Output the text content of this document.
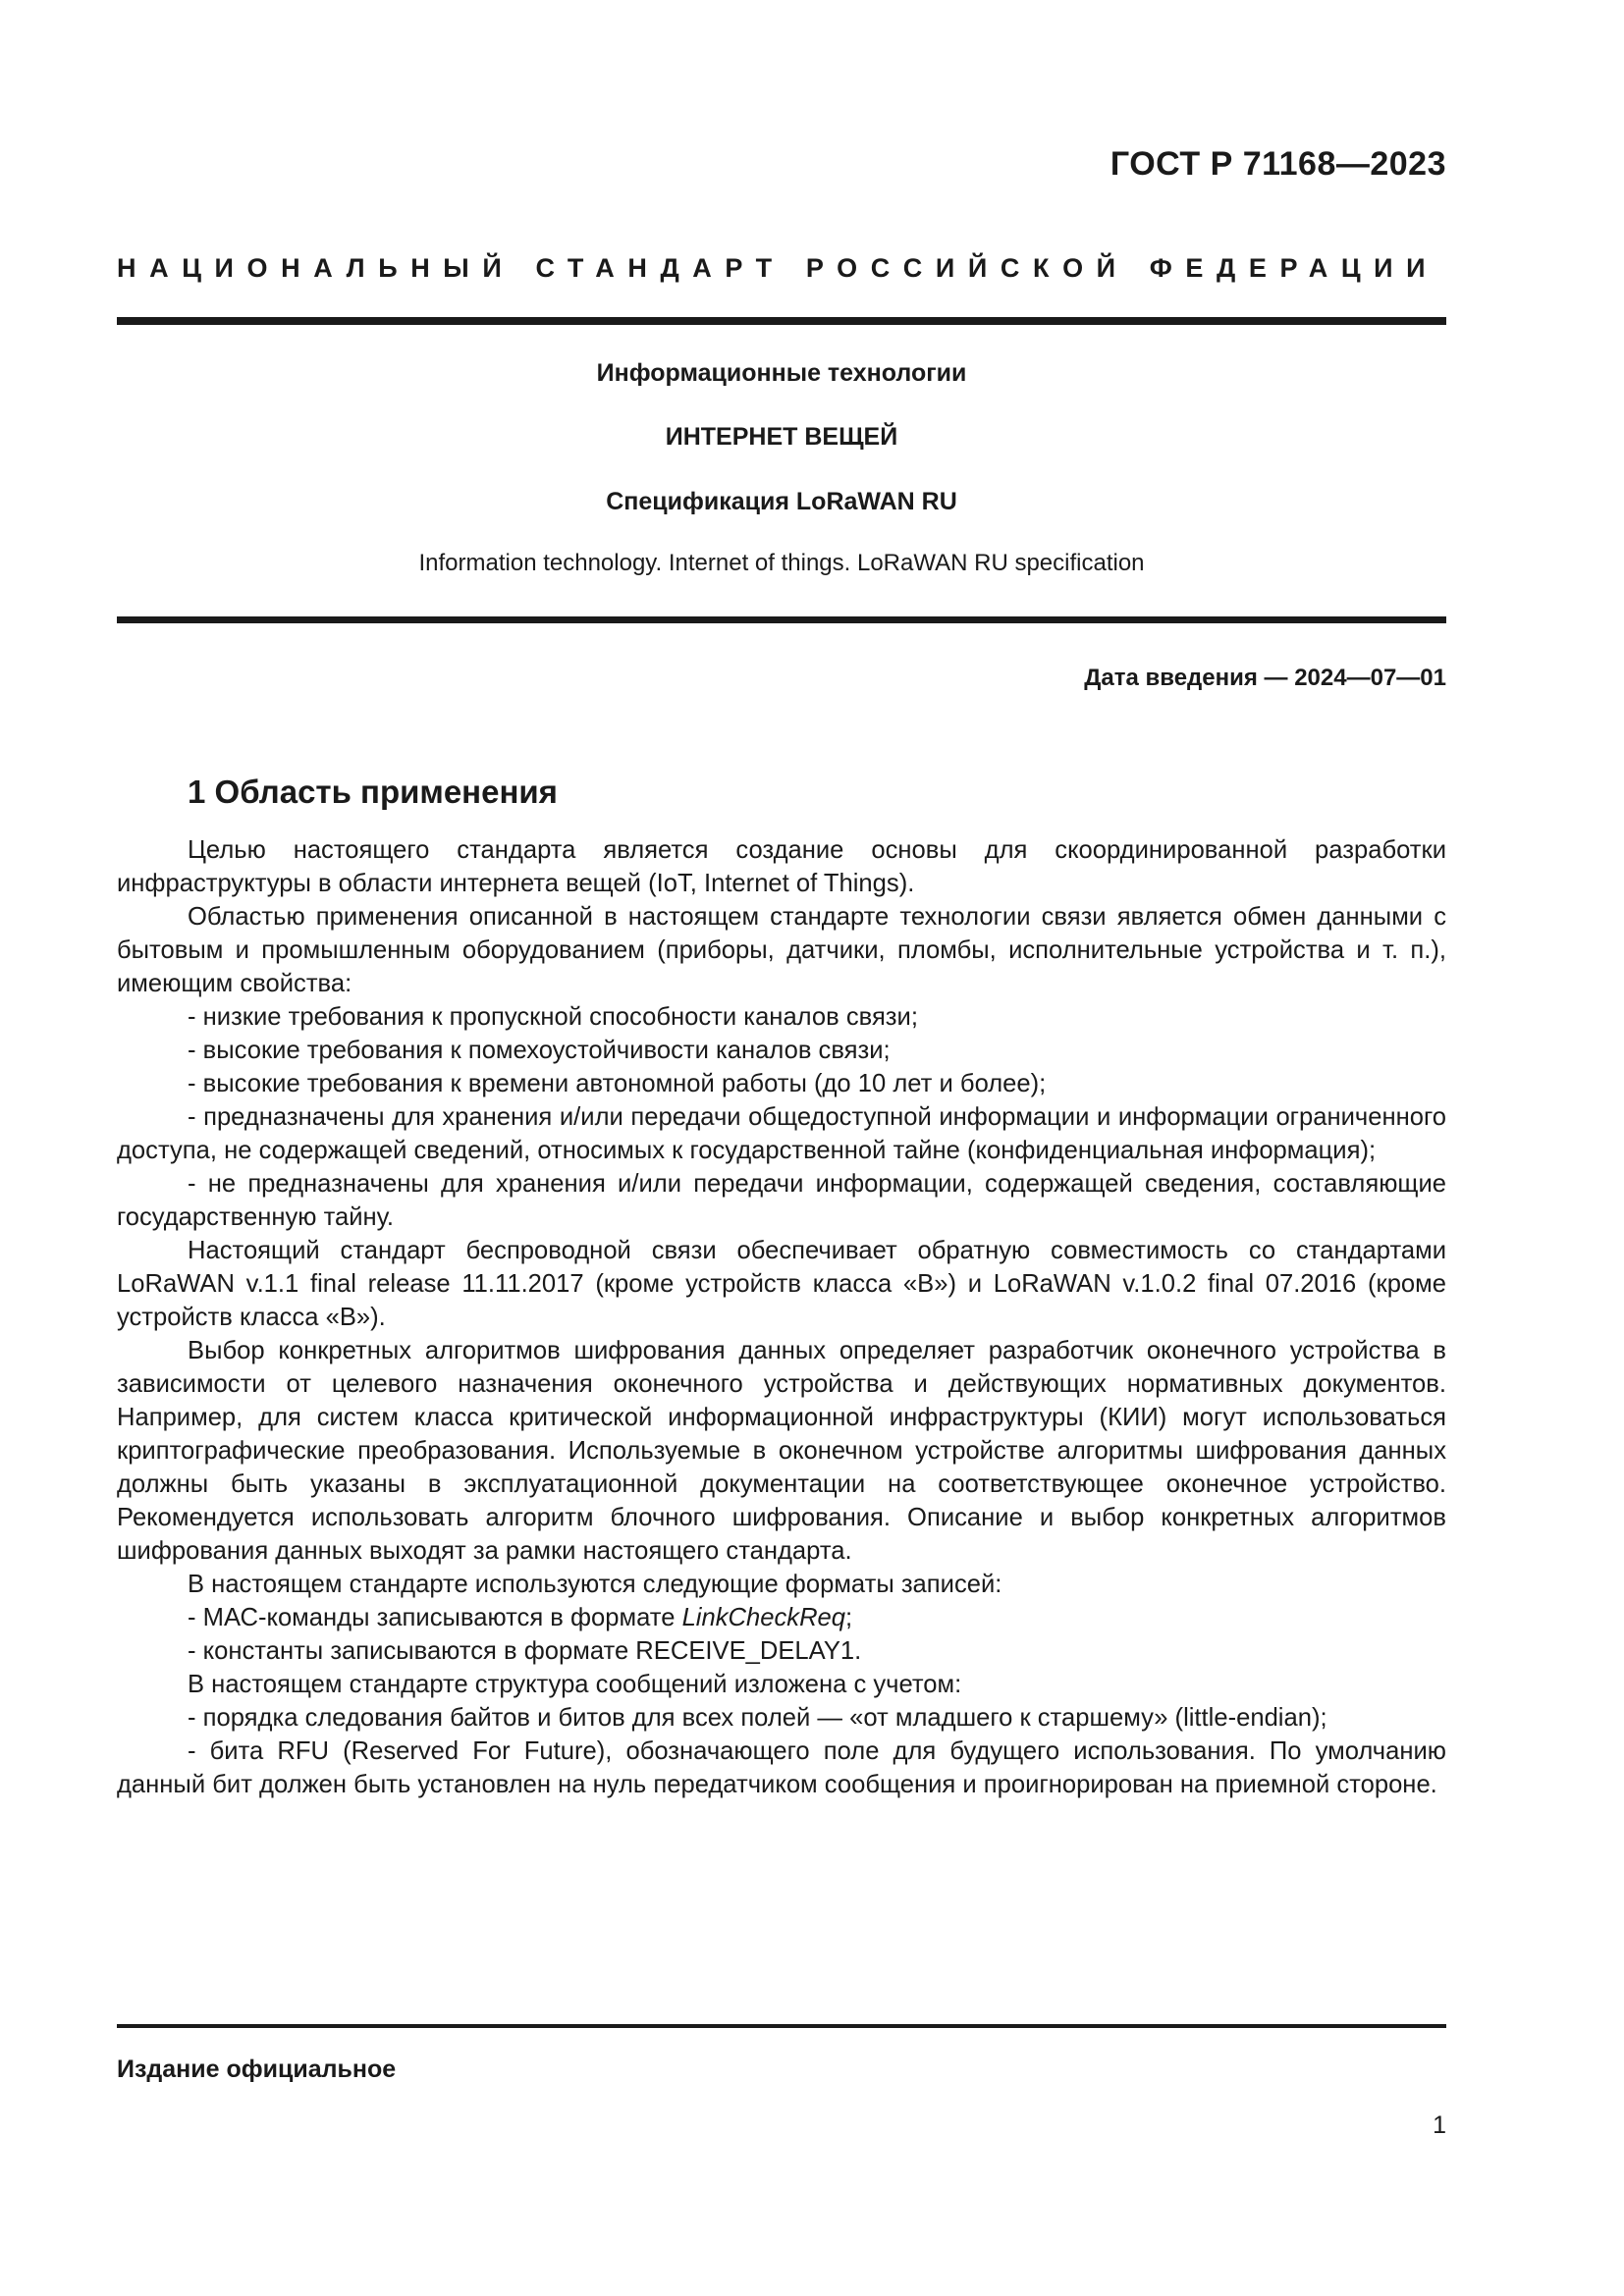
ГОСТ Р 71168—2023
НАЦИОНАЛЬНЫЙ СТАНДАРТ РОССИЙСКОЙ ФЕДЕРАЦИИ
Информационные технологии
ИНТЕРНЕТ ВЕЩЕЙ
Спецификация LoRaWAN RU
Information technology. Internet of things. LoRaWAN RU specification
Дата введения — 2024—07—01
1 Область применения

Целью настоящего стандарта является создание основы для скоординированной разработки инфраструктуры в области интернета вещей (IoT, Internet of Things).

Областью применения описанной в настоящем стандарте технологии связи является обмен данными с бытовым и промышленным оборудованием (приборы, датчики, пломбы, исполнительные устройства и т. п.), имеющим свойства:

- низкие требования к пропускной способности каналов связи;

- высокие требования к помехоустойчивости каналов связи;

- высокие требования к времени автономной работы (до 10 лет и более);

- предназначены для хранения и/или передачи общедоступной информации и информации ограниченного доступа, не содержащей сведений, относимых к государственной тайне (конфиденциальная информация);

- не предназначены для хранения и/или передачи информации, содержащей сведения, составляющие государственную тайну.

Настоящий стандарт беспроводной связи обеспечивает обратную совместимость со стандартами LoRaWAN v.1.1 final release 11.11.2017 (кроме устройств класса «В») и LoRaWAN v.1.0.2 final 07.2016 (кроме устройств класса «В»).

Выбор конкретных алгоритмов шифрования данных определяет разработчик оконечного устройства в зависимости от целевого назначения оконечного устройства и действующих нормативных документов. Например, для систем класса критической информационной инфраструктуры (КИИ) могут использоваться криптографические преобразования. Используемые в оконечном устройстве алгоритмы шифрования данных должны быть указаны в эксплуатационной документации на соответствующее оконечное устройство. Рекомендуется использовать алгоритм блочного шифрования. Описание и выбор конкретных алгоритмов шифрования данных выходят за рамки настоящего стандарта.

В настоящем стандарте используются следующие форматы записей:

- МАС-команды записываются в формате LinkCheckReq;

- константы записываются в формате RECEIVE_DELAY1.

В настоящем стандарте структура сообщений изложена с учетом:

- порядка следования байтов и битов для всех полей — «от младшего к старшему» (little-endian);

- бита RFU (Reserved For Future), обозначающего поле для будущего использования. По умолчанию данный бит должен быть установлен на нуль передатчиком сообщения и проигнорирован на приемной стороне.

Издание официальное
1
